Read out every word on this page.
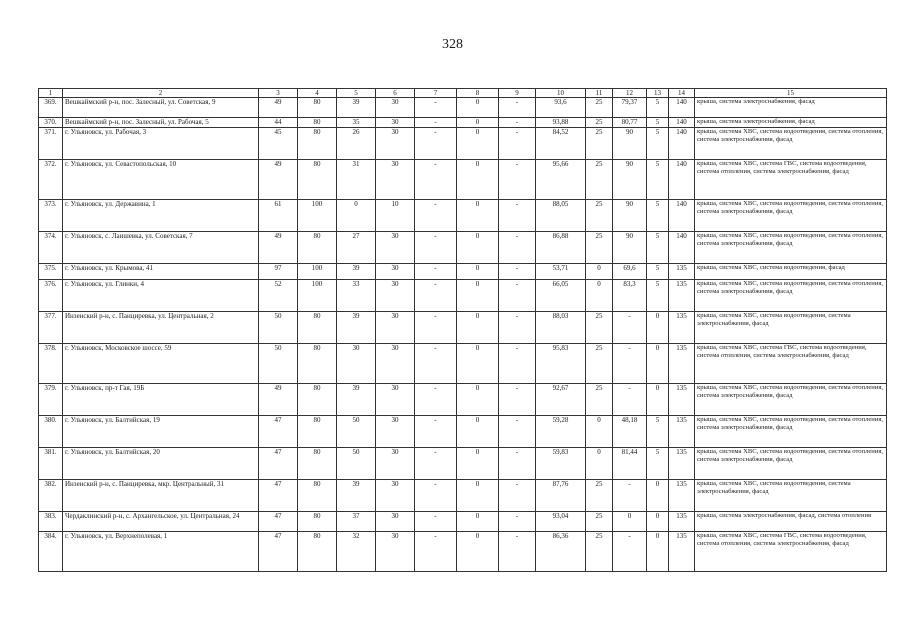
328
1	2	3	4	5	6	7	8	9	10	11	12	13	14	15
369.	Вешкаймский р-н, пос. Залесный, ул. Советская, 9	49	80	39	30	-	0	-	93,6	25	79,37	5	140	крыша, система электроснабжения, фасад
370.	Вешкаймский р-н, пос. Залесный, ул. Рабочая, 5	44	80	35	30	-	0	-	93,88	25	80,77	5	140	крыша, система электроснабжения, фасад
371.	г. Ульяновск, ул. Рабочая, 3	45	80	26	30	-	0	-	84,52	25	90	5	140	крыша, система ХВС, система водоотведения, система отопления, система электроснабжения, фасад
372.	г. Ульяновск, ул. Севастопольская, 10	49	80	31	30	-	0	-	95,66	25	90	5	140	крыша, система ХВС, система ГВС, система водоотведения, система отопления, система электроснабжения, фасад
373.	г. Ульяновск, ул. Державина, 1	61	100	0	10	-	0	-	88,05	25	90	5	140	крыша, система ХВС, система водоотведения, система отопления, система электроснабжения, фасад
374.	г. Ульяновск, с. Лаишевка, ул. Советская, 7	49	80	27	30	-	0	-	86,88	25	90	5	140	крыша, система ХВС, система водоотведения, система отопления, система электроснабжения, фасад
375.	г. Ульяновск, ул. Крымова, 41	97	100	39	30	-	0	-	53,71	0	69,6	5	135	крыша, система ХВС, система водоотведения, фасад
376.	г. Ульяновск, ул. Глинки, 4	52	100	33	30	-	0	-	66,05	0	83,3	5	135	крыша, система ХВС, система водоотведения, система отопления, система электроснабжения, фасад
377.	Инзенский р-н, с. Панциревка, ул. Центральная, 2	50	80	39	30	-	0	-	88,03	25	-	0	135	крыша, система ХВС, система водоотведения, система электроснабжения, фасад
378.	г. Ульяновск, Московское шоссе, 59	50	80	30	30	-	0	-	95,83	25	-	0	135	крыша, система ХВС, система ГВС, система водоотведения, система отопления, система электроснабжения, фасад
379.	г. Ульяновск, пр-т Гая, 19Б	49	80	39	30	-	0	-	92,67	25	-	0	135	крыша, система ХВС, система водоотведения, система отопления, система электроснабжения, фасад
380.	г. Ульяновск, ул. Балтийская, 19	47	80	50	30	-	0	-	59,28	0	48,18	5	135	крыша, система ХВС, система водоотведения, система отопления, система электроснабжения, фасад
381.	г. Ульяновск, ул. Балтийская, 20	47	80	50	30	-	0	-	59,83	0	81,44	5	135	крыша, система ХВС, система водоотведения, система отопления, система электроснабжения, фасад
382.	Инзенский р-н, с. Панциревка, мкр. Центральный, 31	47	80	39	30	-	0	-	87,76	25	-	0	135	крыша, система ХВС, система водоотведения, система электроснабжения, фасад
383.	Чердаклинский р-н, с. Архангельское, ул. Центральная, 24	47	80	37	30	-	0	-	93,04	25	0	0	135	крыша, система электроснабжения, фасад, система отопления
384.	г. Ульяновск, ул. Верхнеполевая, 1	47	80	32	30	-	0	-	86,36	25	-	0	135	крыша, система ХВС, система ГВС, система водоотведения, система отопления, система электроснабжения, фасад
